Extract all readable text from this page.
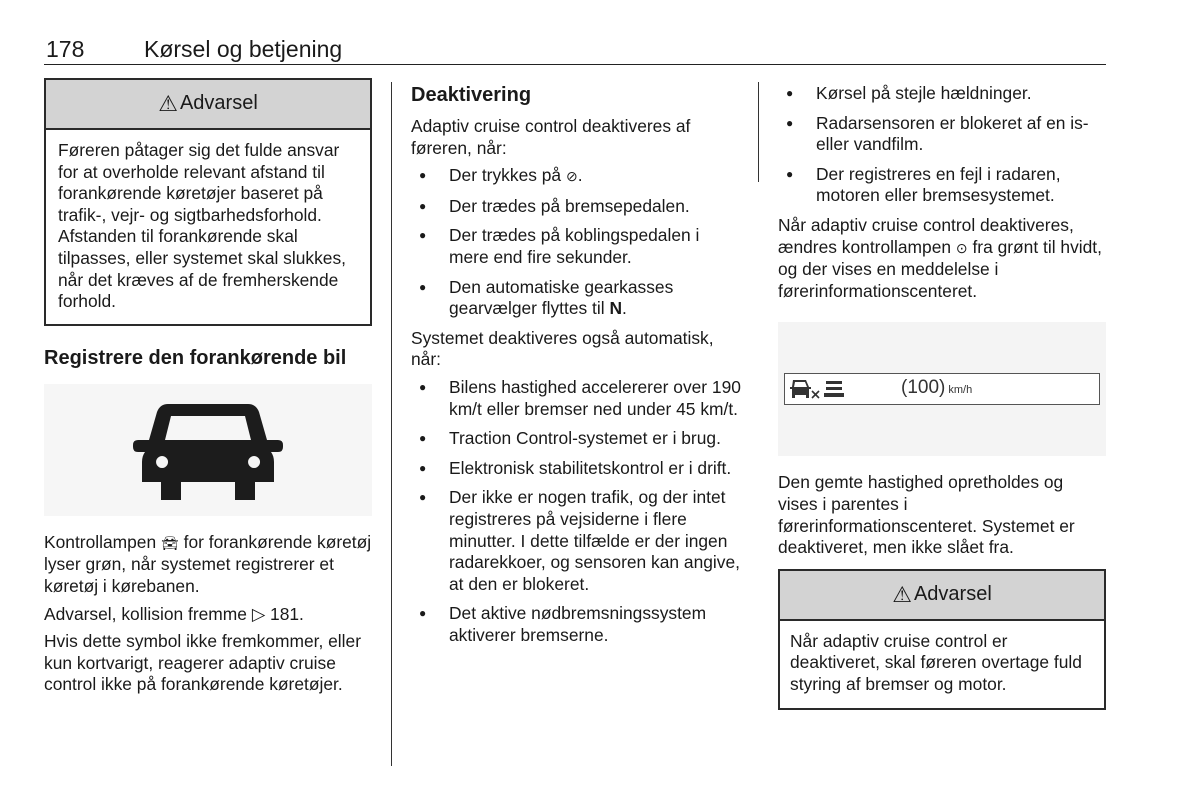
178	Kørsel og betjening
⚠ Advarsel
Føreren påtager sig det fulde ansvar for at overholde relevant afstand til forankørende køretøjer baseret på trafik-, vejr- og sigtbarhedsforhold. Afstanden til forankørende skal tilpasses, eller systemet skal slukkes, når det kræves af de fremherskende forhold.
Registrere den forankørende bil

Kontrollampen 🚘︎ for forankørende køretøj lyser grøn, når systemet registrerer et køretøj i kørebanen.

Advarsel, kollision fremme ▷ 181.

Hvis dette symbol ikke fremkommer, eller kun kortvarigt, reagerer adaptiv cruise control ikke på forankørende køretøjer.

Deaktivering

Adaptiv cruise control deaktiveres af føreren, når:

● Der trykkes på ⊘.
● Der trædes på bremsepedalen.
● Der trædes på koblingspedalen i mere end fire sekunder.
● Den automatiske gearkasses gearvælger flyttes til N.

Systemet deaktiveres også automatisk, når:

● Bilens hastighed accelererer over 190 km/t eller bremser ned under 45 km/t.
● Traction Control-systemet er i brug.
● Elektronisk stabilitetskontrol er i drift.
● Der ikke er nogen trafik, og der intet registreres på vejsiderne i flere minutter. I dette tilfælde er der ingen radarekkoer, og sensoren kan angive, at den er blokeret.
● Det aktive nødbremsningssystem aktiverer bremserne.
● Kørsel på stejle hældninger.
● Radarsensoren er blokeret af en is- eller vandfilm.
● Der registreres en fejl i radaren, motoren eller bremsesystemet.

Når adaptiv cruise control deaktiveres, ændres kontrollampen ⊙ fra grønt til hvidt, og der vises en meddelelse i førerinformationscenteret.

(100) km/h

Den gemte hastighed opretholdes og vises i parentes i førerinformationscenteret. Systemet er deaktiveret, men ikke slået fra.

⚠ Advarsel
Når adaptiv cruise control er deaktiveret, skal føreren overtage fuld styring af bremser og motor.
